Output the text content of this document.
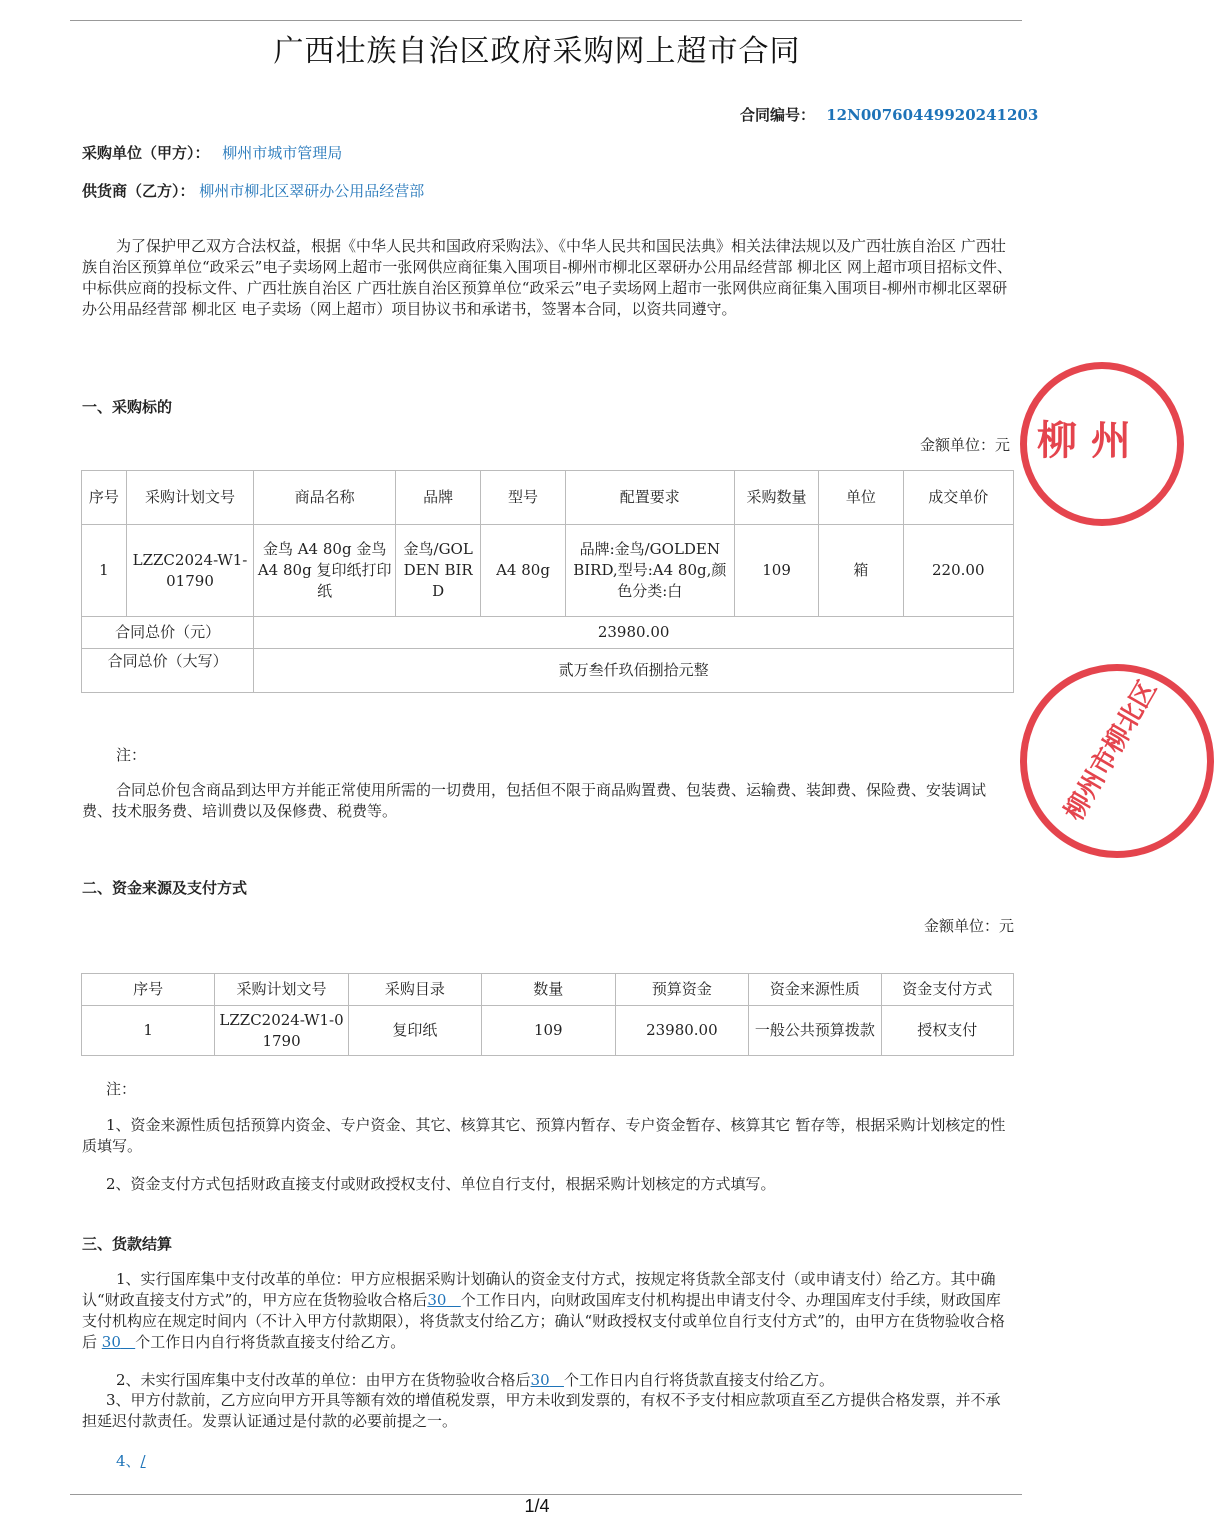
广西壮族自治区政府采购网上超市合同
合同编号： 12N00760449920241203
采购单位（甲方）： 柳州市城市管理局
供货商（乙方）： 柳州市柳北区翠研办公用品经营部
为了保护甲乙双方合法权益，根据《中华人民共和国政府采购法》、《中华人民共和国民法典》相关法律法规以及广西壮族自治区 广西壮族自治区预算单位“政采云”电子卖场网上超市一张网供应商征集入围项目-柳州市柳北区翠研办公用品经营部 柳北区 网上超市项目招标文件、中标供应商的投标文件、广西壮族自治区 广西壮族自治区预算单位“政采云”电子卖场网上超市一张网供应商征集入围项目-柳州市柳北区翠研办公用品经营部 柳北区 电子卖场（网上超市）项目协议书和承诺书，签署本合同，以资共同遵守。
一、采购标的
金额单位：元
序号	采购计划文号	商品名称	品牌	型号	配置要求	采购数量	单位	成交单价
1	LZZC2024-W1-01790	金鸟 A4 80g 金鸟 A4 80g 复印纸打印纸	金鸟/GOLDEN BIRD	A4 80g	品牌:金鸟/GOLDEN BIRD,型号:A4 80g,颜色分类:白	109	箱	220.00
合同总价（元）		23980.00						
合同总价（大写）		贰万叁仟玖佰捌拾元整						
注：
合同总价包含商品到达甲方并能正常使用所需的一切费用，包括但不限于商品购置费、包装费、运输费、装卸费、保险费、安装调试费、技术服务费、培训费以及保修费、税费等。
二、资金来源及支付方式
金额单位：元
序号	采购计划文号	采购目录	数量	预算资金	资金来源性质	资金支付方式
1	LZZC2024-W1-01790	复印纸	109	23980.00	一般公共预算拨款	授权支付
注：
1、资金来源性质包括预算内资金、专户资金、其它、核算其它、预算内暂存、专户资金暂存、核算其它 暂存等，根据采购计划核定的性质填写。
2、资金支付方式包括财政直接支付或财政授权支付、单位自行支付，根据采购计划核定的方式填写。
三、货款结算
1、实行国库集中支付改革的单位：甲方应根据采购计划确认的资金支付方式，按规定将货款全部支付（或申请支付）给乙方。其中确认“财政直接支付方式”的，甲方应在货物验收合格后30 个工作日内，向财政国库支付机构提出申请支付令、办理国库支付手续，财政国库支付机构应在规定时间内（不计入甲方付款期限），将货款支付给乙方；确认“财政授权支付或单位自行支付方式”的，由甲方在货物验收合格后 30 个工作日内自行将货款直接支付给乙方。
2、未实行国库集中支付改革的单位：由甲方在货物验收合格后30 个工作日内自行将货款直接支付给乙方。
3、甲方付款前，乙方应向甲方开具等额有效的增值税发票，甲方未收到发票的，有权不予支付相应款项直至乙方提供合格发票，并不承担延迟付款责任。发票认证通过是付款的必要前提之一。
4、/
柳 州
柳州市柳北区
1/4
